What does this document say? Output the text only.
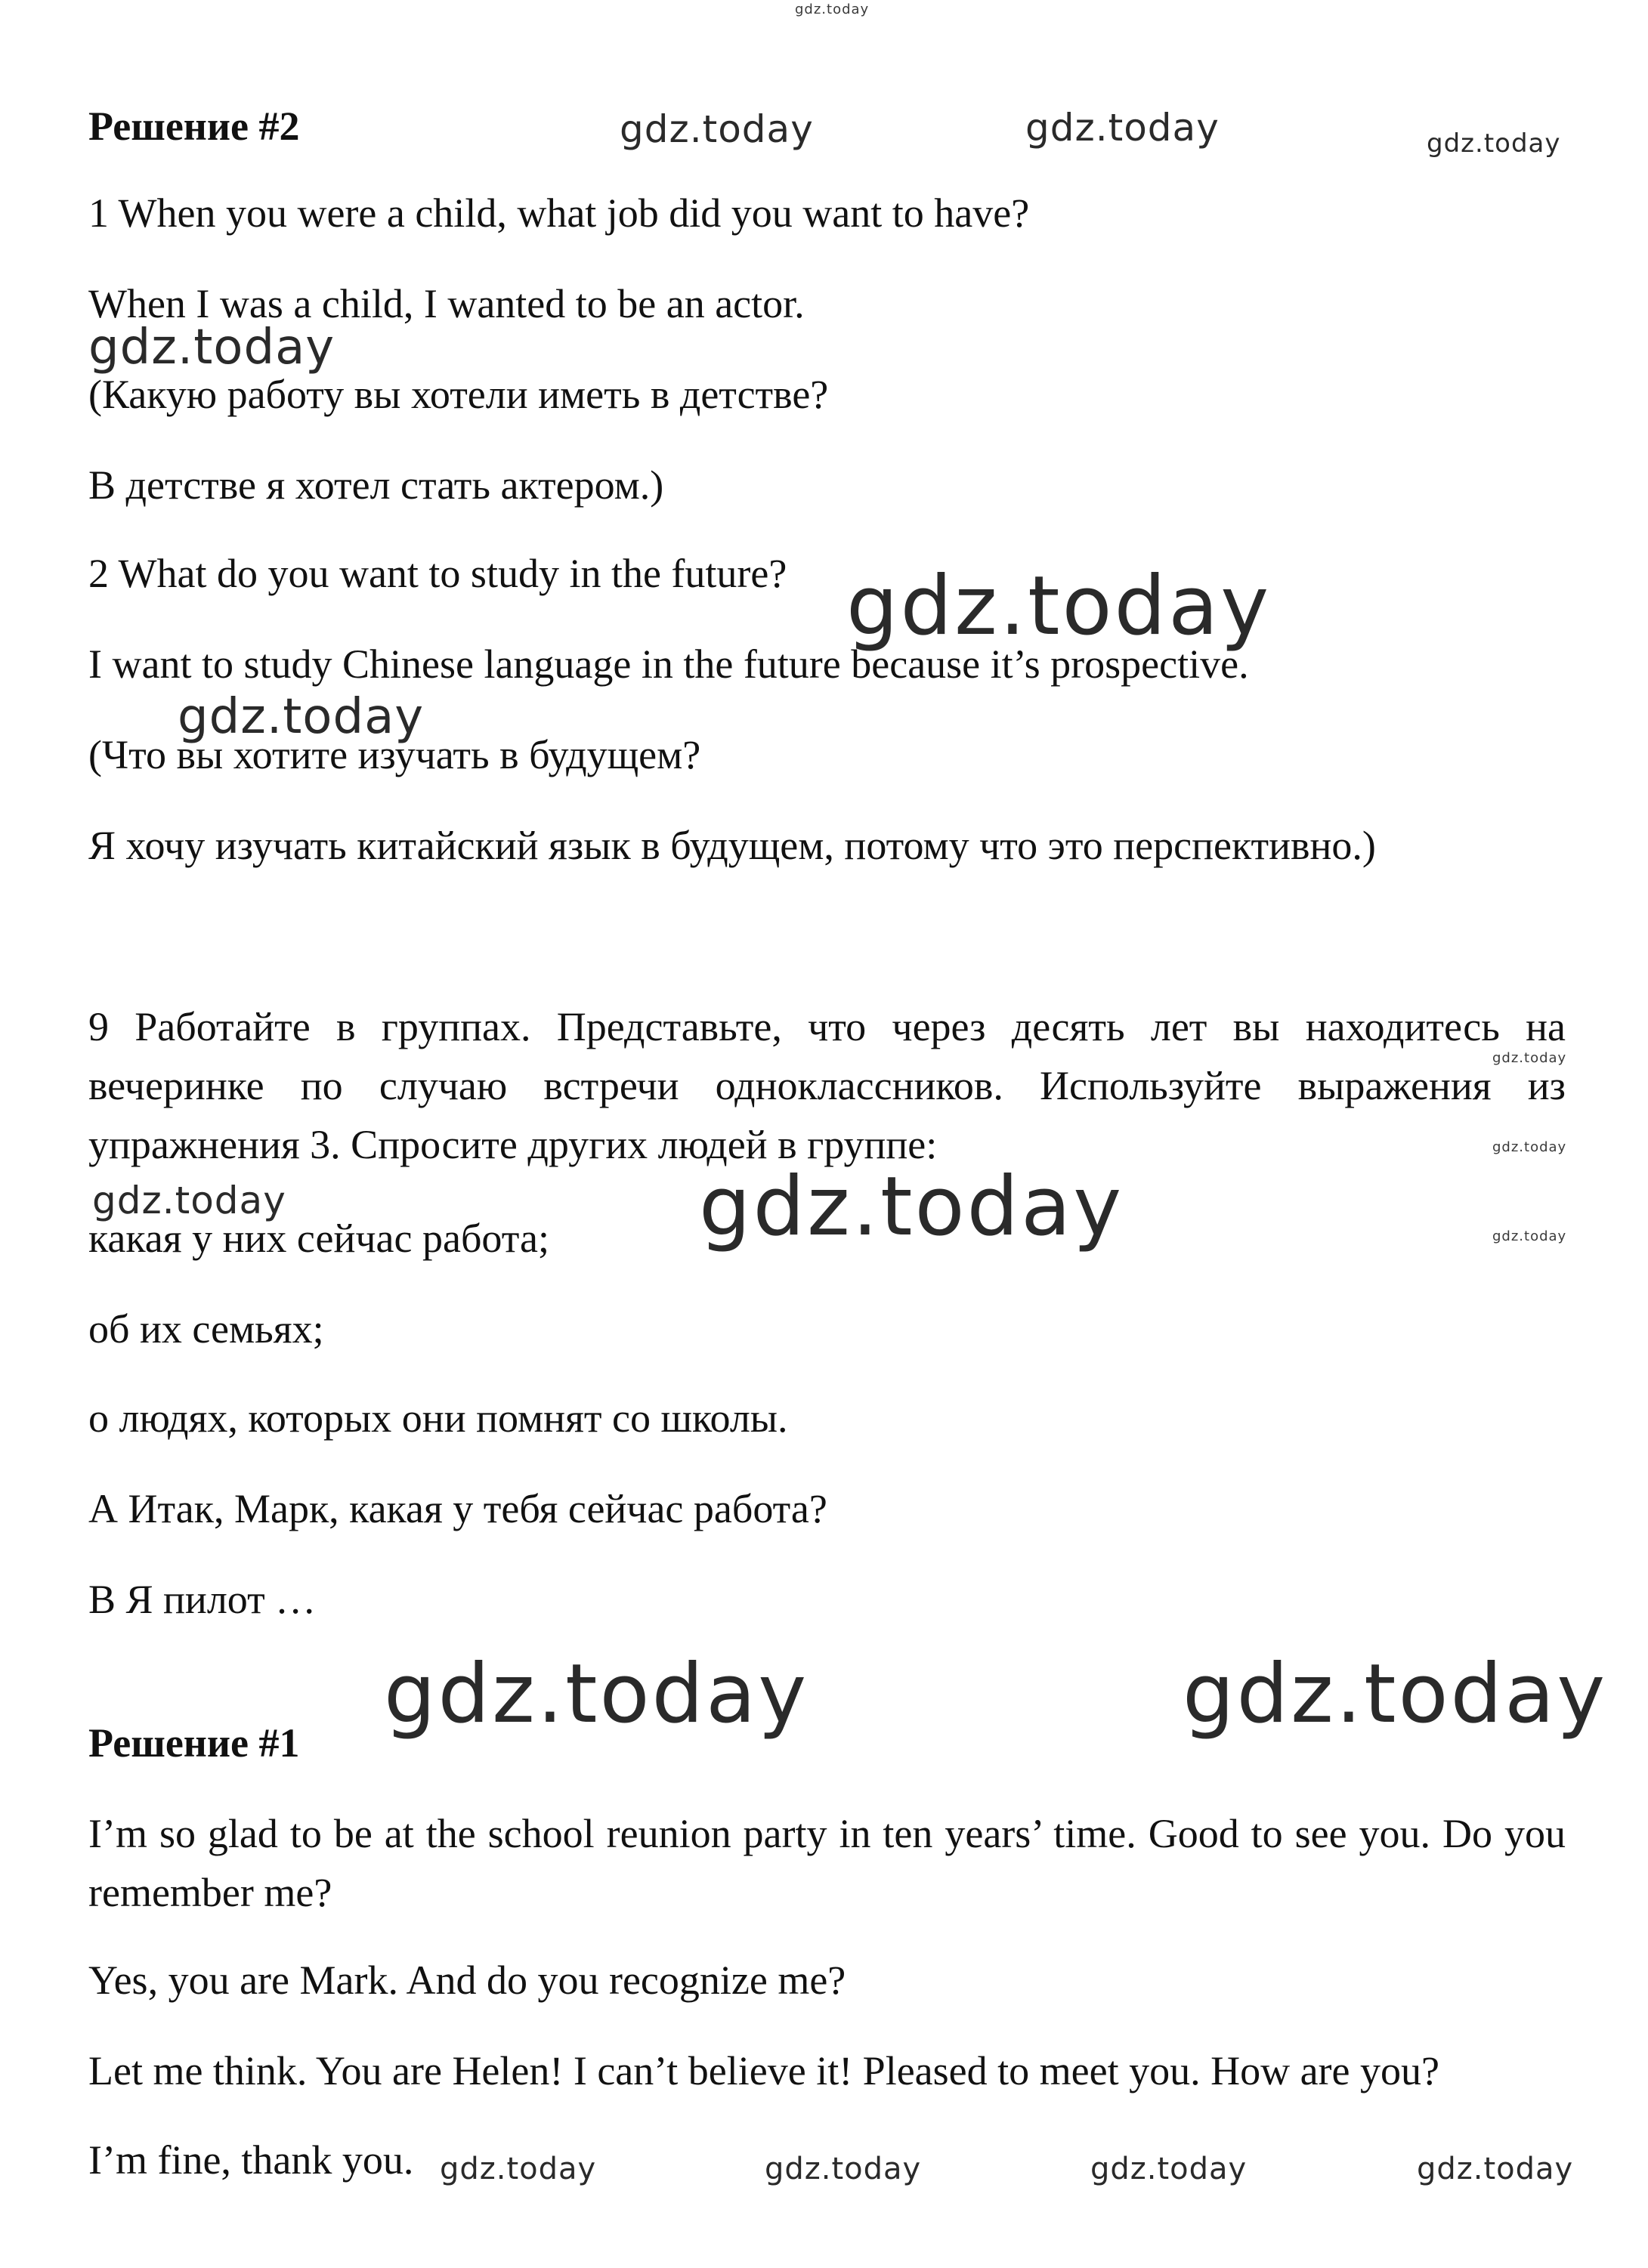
gdz.today

Решение #2	gdz.today	gdz.today	gdz.today

1 When you were a child, what job did you want to have?

When I was a child, I wanted to be an actor.

gdz.today

(Какую работу вы хотели иметь в детстве?

В детстве я хотел стать актером.)

2 What do you want to study in the future? gdz.today

I want to study Chinese language in the future because it’s prospective.

gdz.today

(Что вы хотите изучать в будущем?

Я хочу изучать китайский язык в будущем, потому что это перспективно.)

9 Работайте в группах. Представьте, что через десять лет вы находитесь на вечеринке по случаю встречи одноклассников. Используйте выражения из упражнения 3. Спросите других людей в группе:

gdz.today
gdz.today
gdz.today
gdz.today	gdz.today

какая у них сейчас работа;

об их семьях;

о людях, которых они помнят со школы.

А Итак, Марк, какая у тебя сейчас работа?

В Я пилот …

gdz.today	gdz.today

Решение #1

I’m so glad to be at the school reunion party in ten years’ time. Good to see you. Do you remember me?

Yes, you are Mark. And do you recognize me?

Let me think. You are Helen! I can’t believe it! Pleased to meet you. How are you?

I’m fine, thank you. gdz.today	gdz.today	gdz.today	gdz.today
